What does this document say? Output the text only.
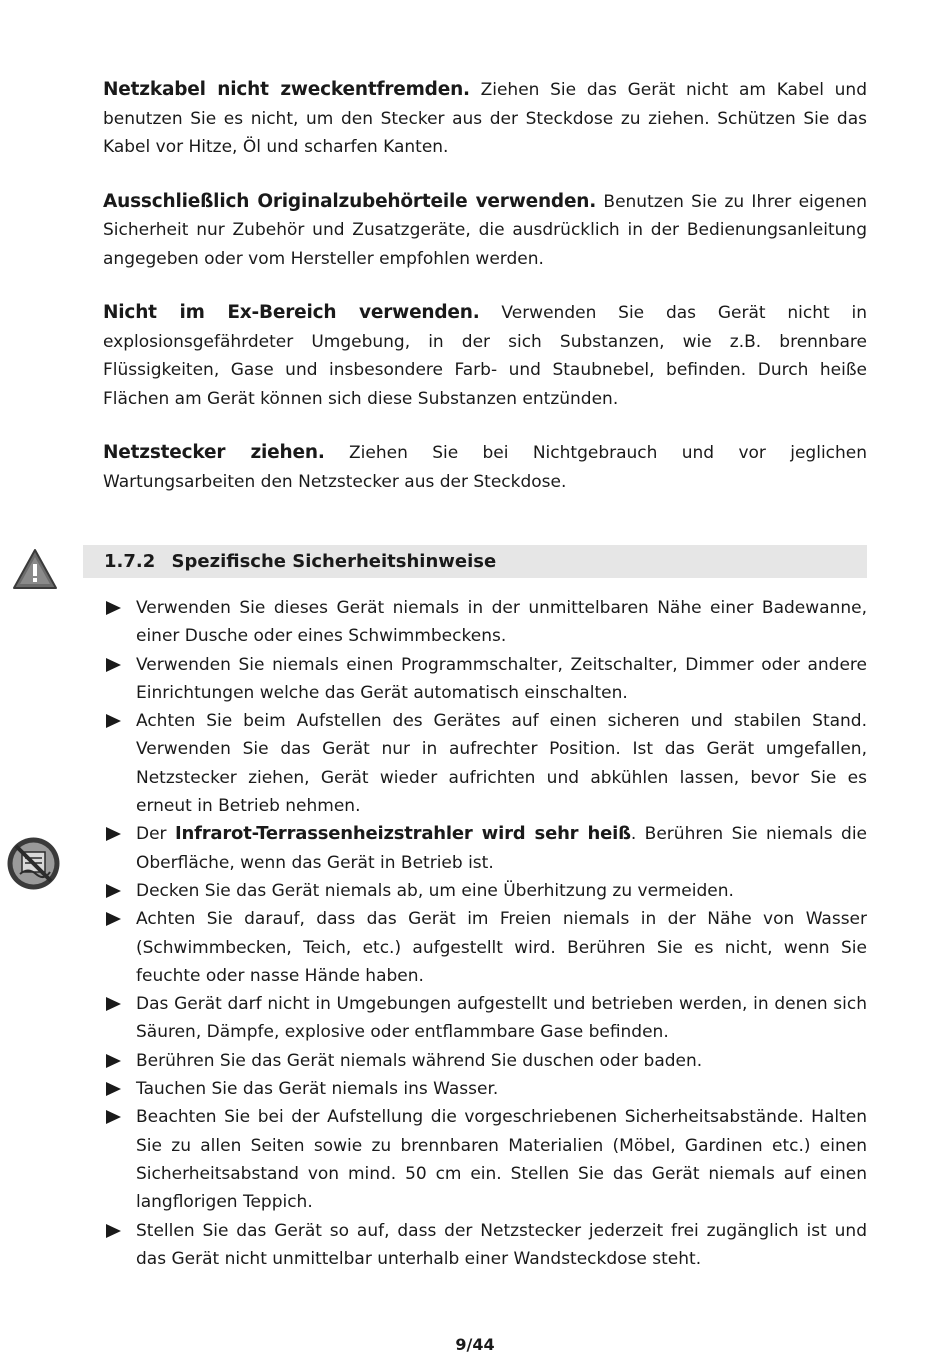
Netzkabel nicht zweckentfremden. Ziehen Sie das Gerät nicht am Kabel und benutzen Sie es nicht, um den Stecker aus der Steckdose zu ziehen. Schützen Sie das Kabel vor Hitze, Öl und scharfen Kanten.

Ausschließlich Originalzubehörteile verwenden. Benutzen Sie zu Ihrer eigenen Sicherheit nur Zubehör und Zusatzgeräte, die ausdrücklich in der Bedienungsanleitung angegeben oder vom Hersteller empfohlen werden.

Nicht im Ex-Bereich verwenden. Verwenden Sie das Gerät nicht in explosionsgefährdeter Umgebung, in der sich Substanzen, wie z.B. brennbare Flüssigkeiten, Gase und insbesondere Farb- und Staubnebel, befinden. Durch heiße Flächen am Gerät können sich diese Substanzen entzünden.

Netzstecker ziehen. Ziehen Sie bei Nichtgebrauch und vor jeglichen Wartungsarbeiten den Netzstecker aus der Steckdose.

1.7.2 Spezifische Sicherheitshinweise
Verwenden Sie dieses Gerät niemals in der unmittelbaren Nähe einer Badewanne, einer Dusche oder eines Schwimmbeckens.
Verwenden Sie niemals einen Programmschalter, Zeitschalter, Dimmer oder andere Einrichtungen welche das Gerät automatisch einschalten.
Achten Sie beim Aufstellen des Gerätes auf einen sicheren und stabilen Stand. Verwenden Sie das Gerät nur in aufrechter Position. Ist das Gerät umgefallen, Netzstecker ziehen, Gerät wieder aufrichten und abkühlen lassen, bevor Sie es erneut in Betrieb nehmen.
Der Infrarot-Terrassenheizstrahler wird sehr heiß. Berühren Sie niemals die Oberfläche, wenn das Gerät in Betrieb ist.
Decken Sie das Gerät niemals ab, um eine Überhitzung zu vermeiden.
Achten Sie darauf, dass das Gerät im Freien niemals in der Nähe von Wasser (Schwimmbecken, Teich, etc.) aufgestellt wird. Berühren Sie es nicht, wenn Sie feuchte oder nasse Hände haben.
Das Gerät darf nicht in Umgebungen aufgestellt und betrieben werden, in denen sich Säuren, Dämpfe, explosive oder entflammbare Gase befinden.
Berühren Sie das Gerät niemals während Sie duschen oder baden.
Tauchen Sie das Gerät niemals ins Wasser.
Beachten Sie bei der Aufstellung die vorgeschriebenen Sicherheitsabstände. Halten Sie zu allen Seiten sowie zu brennbaren Materialien (Möbel, Gardinen etc.) einen Sicherheitsabstand von mind. 50 cm ein. Stellen Sie das Gerät niemals auf einen langflorigen Teppich.
Stellen Sie das Gerät so auf, dass der Netzstecker jederzeit frei zugänglich ist und das Gerät nicht unmittelbar unterhalb einer Wandsteckdose steht.
9/44
